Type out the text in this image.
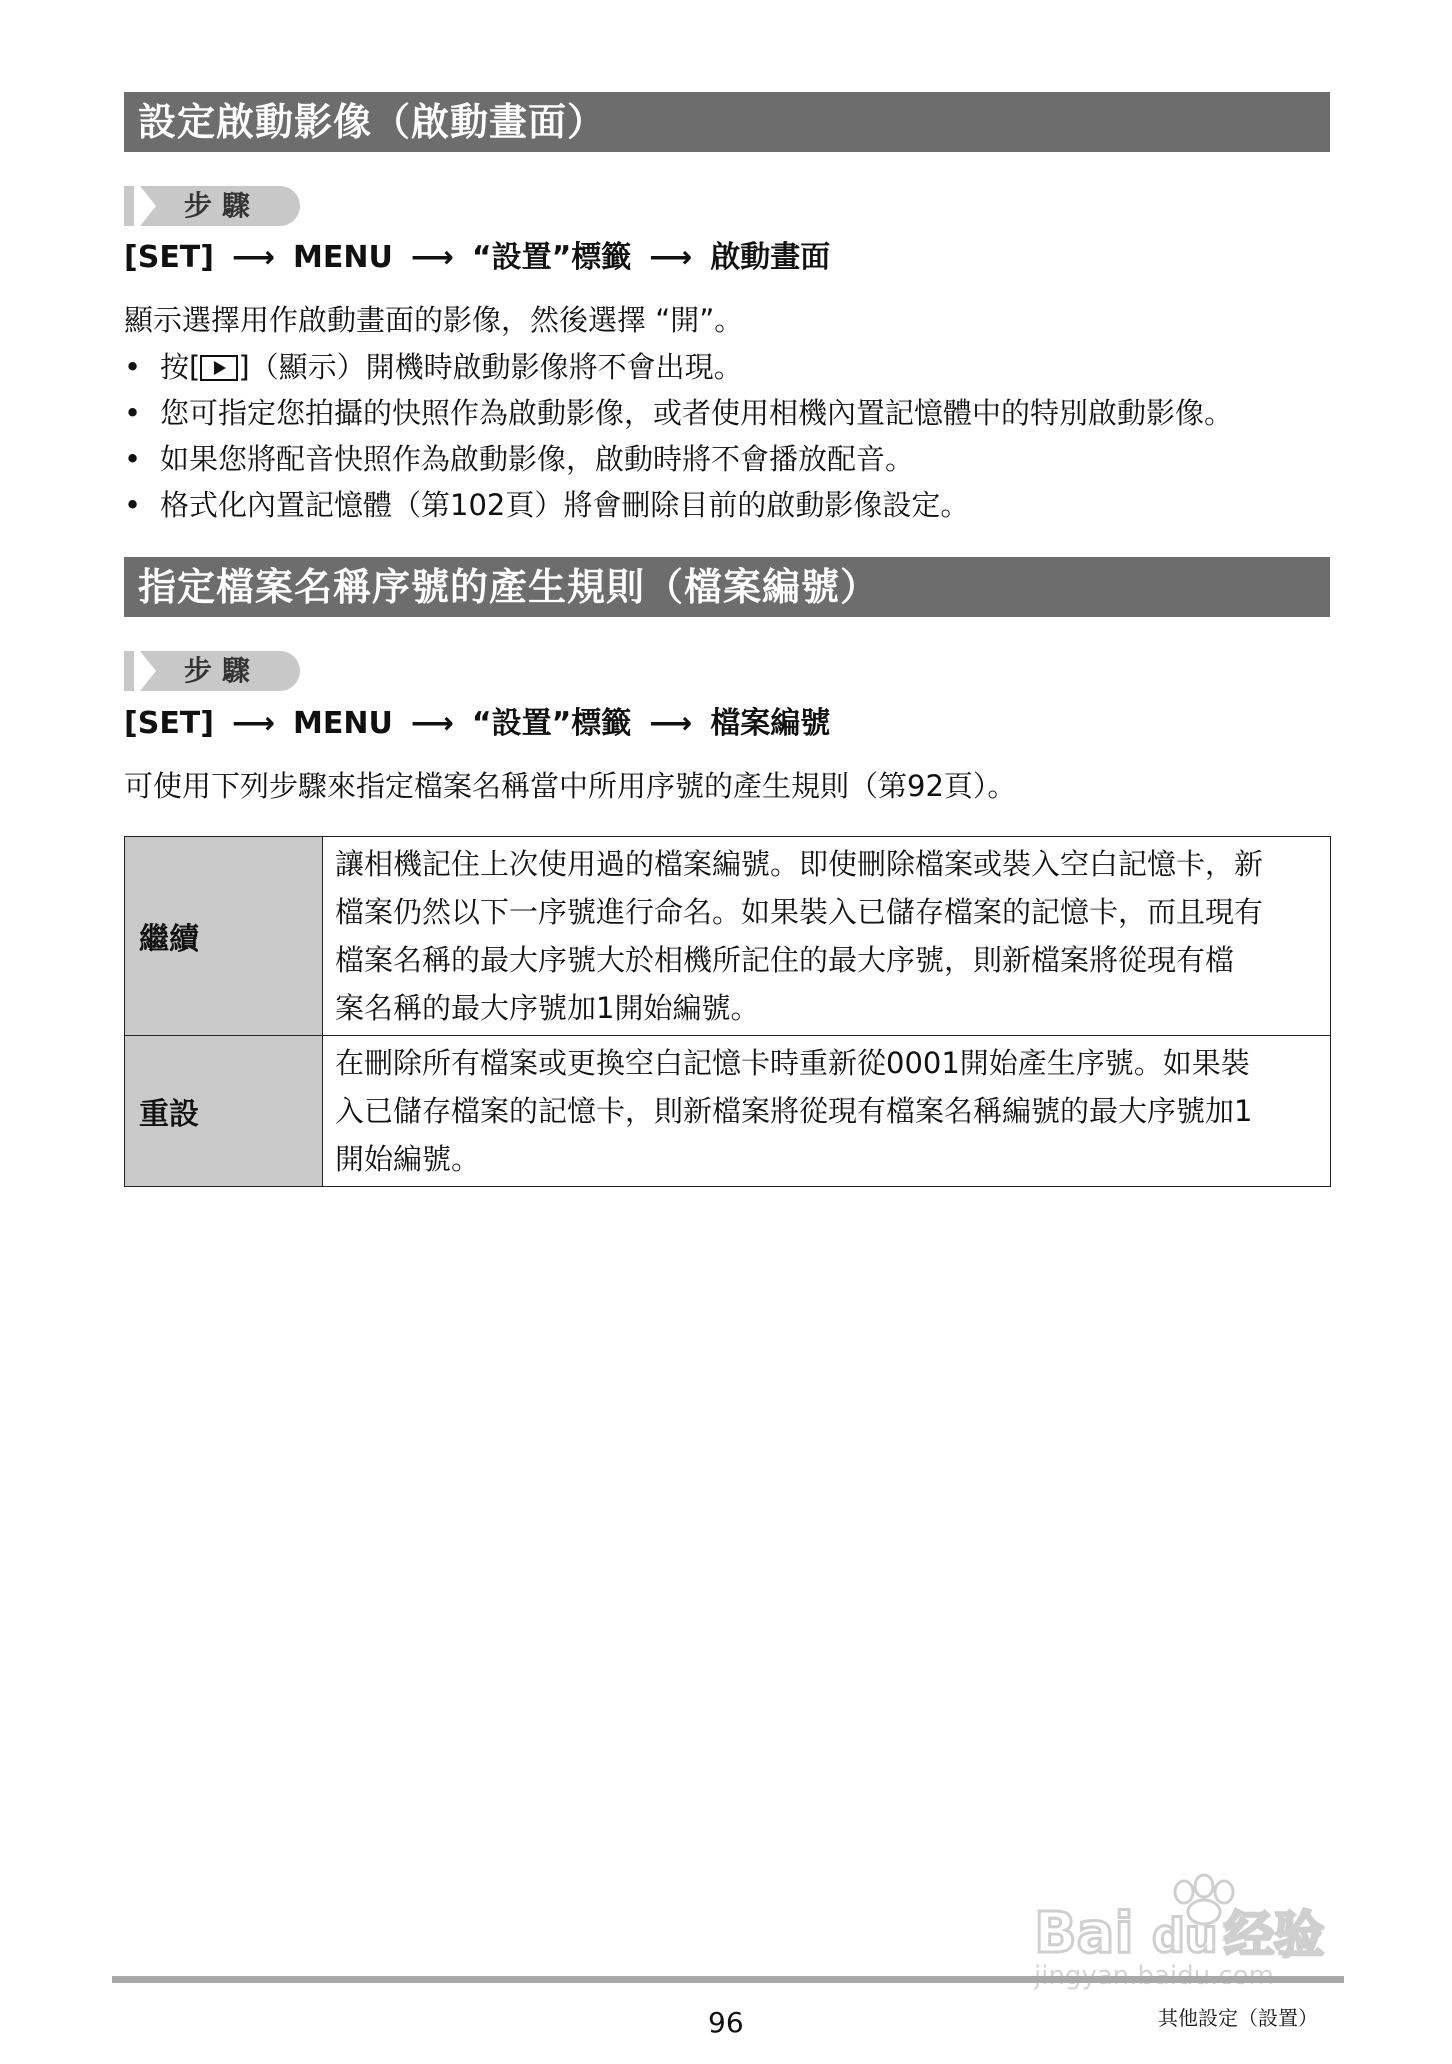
設定啟動影像（啟動畫面）
步驟
[SET] ⟶ MENU ⟶ “設置”標籤 ⟶ 啟動畫面
顯示選擇用作啟動畫面的影像，然後選擇 “開”。
• 按[ ]（顯示）開機時啟動影像將不會出現。
• 您可指定您拍攝的快照作為啟動影像，或者使用相機內置記憶體中的特別啟動影像。
• 如果您將配音快照作為啟動影像，啟動時將不會播放配音。
• 格式化內置記憶體（第102頁）將會刪除目前的啟動影像設定。
指定檔案名稱序號的產生規則（檔案編號）
步驟
[SET] ⟶ MENU ⟶ “設置”標籤 ⟶ 檔案編號
可使用下列步驟來指定檔案名稱當中所用序號的產生規則（第92頁）。
繼續	讓相機記住上次使用過的檔案編號。即使刪除檔案或裝入空白記憶卡，新
檔案仍然以下一序號進行命名。如果裝入已儲存檔案的記憶卡，而且現有
檔案名稱的最大序號大於相機所記住的最大序號，則新檔案將從現有檔
案名稱的最大序號加1開始編號。

重設	在刪除所有檔案或更換空白記憶卡時重新從0001開始產生序號。如果裝
入已儲存檔案的記憶卡，則新檔案將從現有檔案名稱編號的最大序號加1
開始編號。
Bai du 经验
96	其他設定（設置）
